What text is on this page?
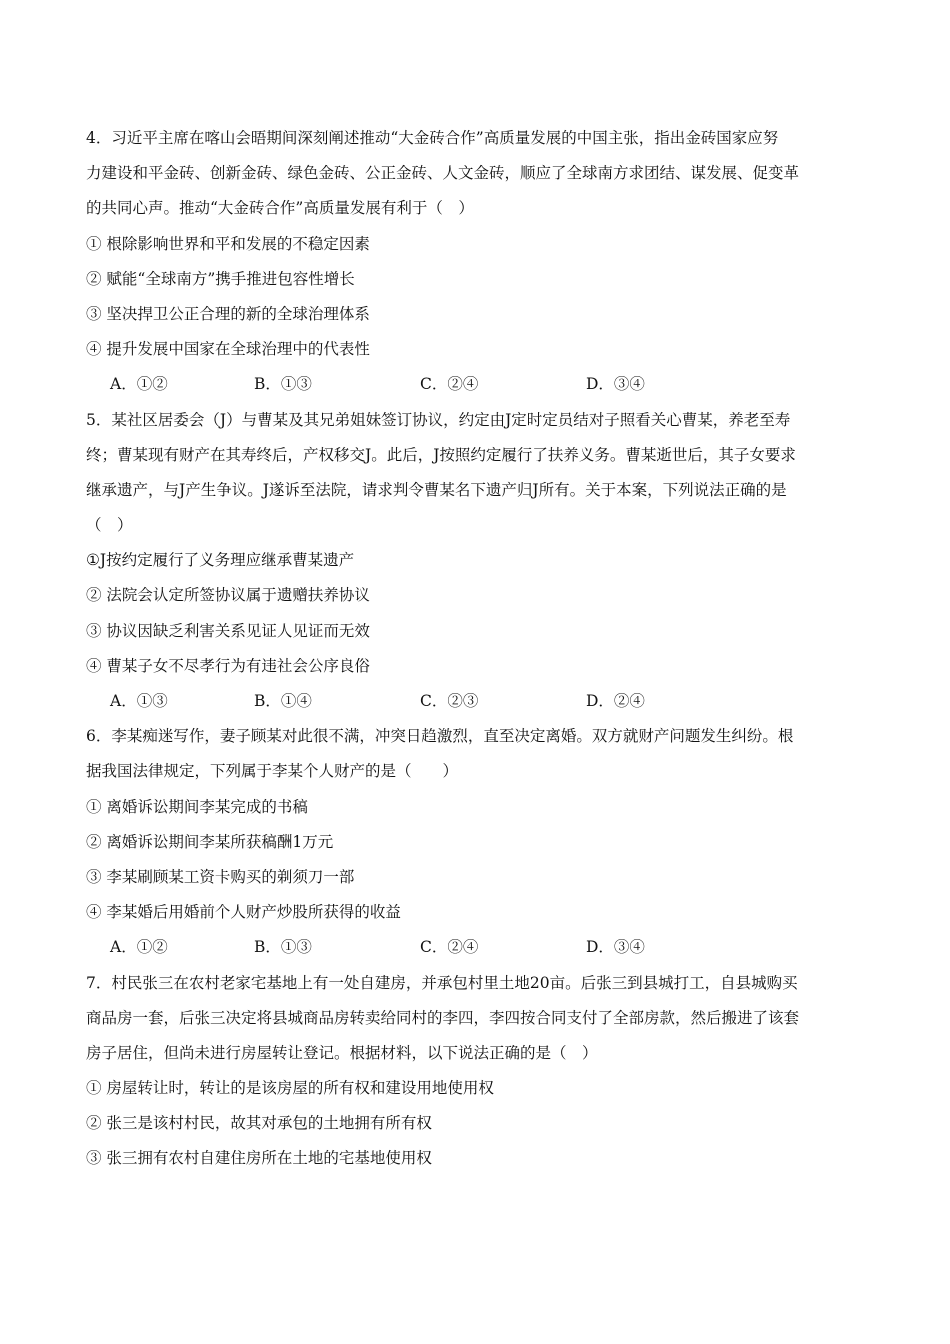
4．习近平主席在喀山会晤期间深刻阐述推动“大金砖合作”高质量发展的中国主张，指出金砖国家应努
力建设和平金砖、创新金砖、绿色金砖、公正金砖、人文金砖，顺应了全球南方求团结、谋发展、促变革
的共同心声。推动“大金砖合作”高质量发展有利于（　）
① 根除影响世界和平和发展的不稳定因素
② 赋能“全球南方”携手推进包容性增长
③ 坚决捍卫公正合理的新的全球治理体系
④ 提升发展中国家在全球治理中的代表性
A．①②	B．①③	C．②④	D．③④
5．某社区居委会（J）与曹某及其兄弟姐妹签订协议，约定由J定时定员结对子照看关心曹某，养老至寿
终；曹某现有财产在其寿终后，产权移交J。此后，J按照约定履行了扶养义务。曹某逝世后，其子女要求
继承遗产，与J产生争议。J遂诉至法院，请求判令曹某名下遗产归J所有。关于本案，下列说法正确的是
（　）
①J按约定履行了义务理应继承曹某遗产
② 法院会认定所签协议属于遗赠扶养协议
③ 协议因缺乏利害关系见证人见证而无效
④ 曹某子女不尽孝行为有违社会公序良俗
A．①③	B．①④	C．②③	D．②④
6．李某痴迷写作，妻子顾某对此很不满，冲突日趋激烈，直至决定离婚。双方就财产问题发生纠纷。根
据我国法律规定，下列属于李某个人财产的是（　　）
① 离婚诉讼期间李某完成的书稿
② 离婚诉讼期间李某所获稿酬1万元
③ 李某刷顾某工资卡购买的剃须刀一部
④ 李某婚后用婚前个人财产炒股所获得的收益
A．①②	B．①③	C．②④	D．③④
7．村民张三在农村老家宅基地上有一处自建房，并承包村里土地20亩。后张三到县城打工，自县城购买
商品房一套，后张三决定将县城商品房转卖给同村的李四，李四按合同支付了全部房款，然后搬进了该套
房子居住，但尚未进行房屋转让登记。根据材料，以下说法正确的是（　）
① 房屋转让时，转让的是该房屋的所有权和建设用地使用权
② 张三是该村村民，故其对承包的土地拥有所有权
③ 张三拥有农村自建住房所在土地的宅基地使用权
